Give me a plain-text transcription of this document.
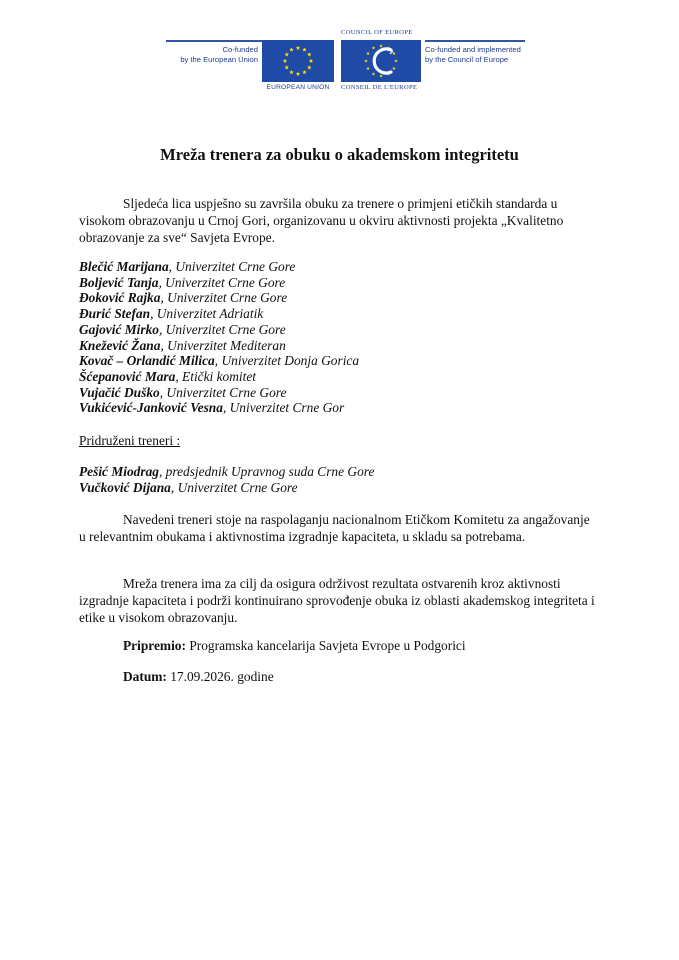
Co-funded
by the European Union
EUROPEAN UNION
COUNCIL OF EUROPE
CONSEIL DE L'EUROPE
Co-funded and implemented
by the Council of Europe
Mreža trenera za obuku o akademskom integritetu

Sljedeća lica uspješno su završila obuku za trenere o primjeni etičkih standarda u visokom obrazovanju u Crnoj Gori, organizovanu u okviru aktivnosti projekta „Kvalitetno obrazovanje za sve“ Savjeta Evrope.

Blečić Marijana, Univerzitet Crne Gore
Boljević Tanja, Univerzitet Crne Gore
Đoković Rajka, Univerzitet Crne Gore
Đurić Stefan, Univerzitet Adriatik
Gajović Mirko, Univerzitet Crne Gore
Knežević Žana, Univerzitet Mediteran
Kovač – Orlandić Milica, Univerzitet Donja Gorica
Šćepanović Mara, Etički komitet
Vujačić Duško, Univerzitet Crne Gore
Vukićević-Janković Vesna, Univerzitet Crne Gor
Pridruženi treneri :
Pešić Miodrag, predsjednik Upravnog suda Crne Gore
Vučković Dijana, Univerzitet Crne Gore

Navedeni treneri stoje na raspolaganju nacionalnom Etičkom Komitetu za angažovanje u relevantnim obukama i aktivnostima izgradnje kapaciteta, u skladu sa potrebama.

Mreža trenera ima za cilj da osigura održivost rezultata ostvarenih kroz aktivnosti izgradnje kapaciteta i podrži kontinuirano sprovođenje obuka iz oblasti akademskog integriteta i etike u visokom obrazovanju.

Pripremio: Programska kancelarija Savjeta Evrope u Podgorici
Datum: 17.09.2026. godine
